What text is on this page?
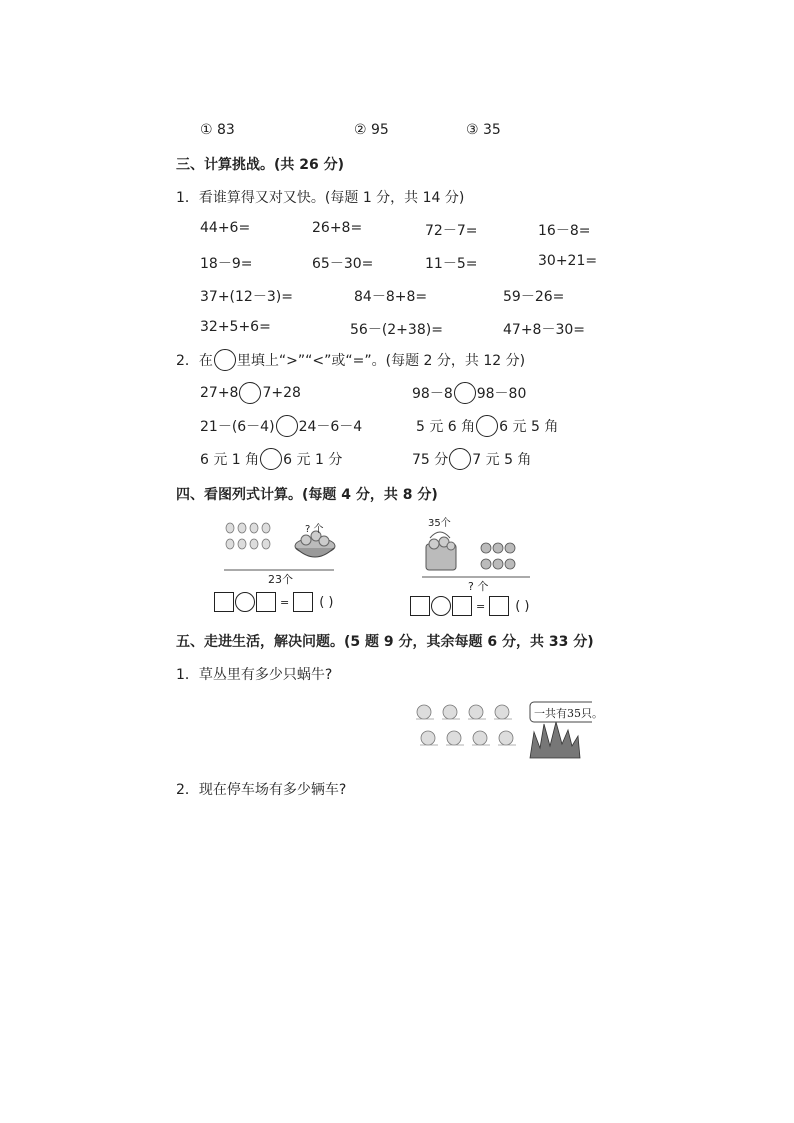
① 83	② 95	③ 35
三、计算挑战。(共 26 分)
1．看谁算得又对又快。(每题 1 分，共 14 分)
44+6=	26+8=	72－7=	16－8=
18－9=	65－30=	11－5=	30+21=
37+(12－3)=	84－8+8=	59－26=
32+5+6=	56－(2+38)=	47+8－30=
2．在 里填上“>”“<”或“=”。(每题 2 分，共 12 分)
27+8 7+28	98－8 98－80
21－(6－4) 24－6－4	5 元 6 角 6 元 5 角
6 元 1 角 6 元 1 分	75 分 7 元 5 角
四、看图列式计算。(每题 4 分，共 8 分)
? 个
23个
= ( )
35个
? 个
= ( )
五、走进生活，解决问题。(5 题 9 分，其余每题 6 分，共 33 分)
1．草丛里有多少只蜗牛?
一共有35只。
2．现在停车场有多少辆车?
